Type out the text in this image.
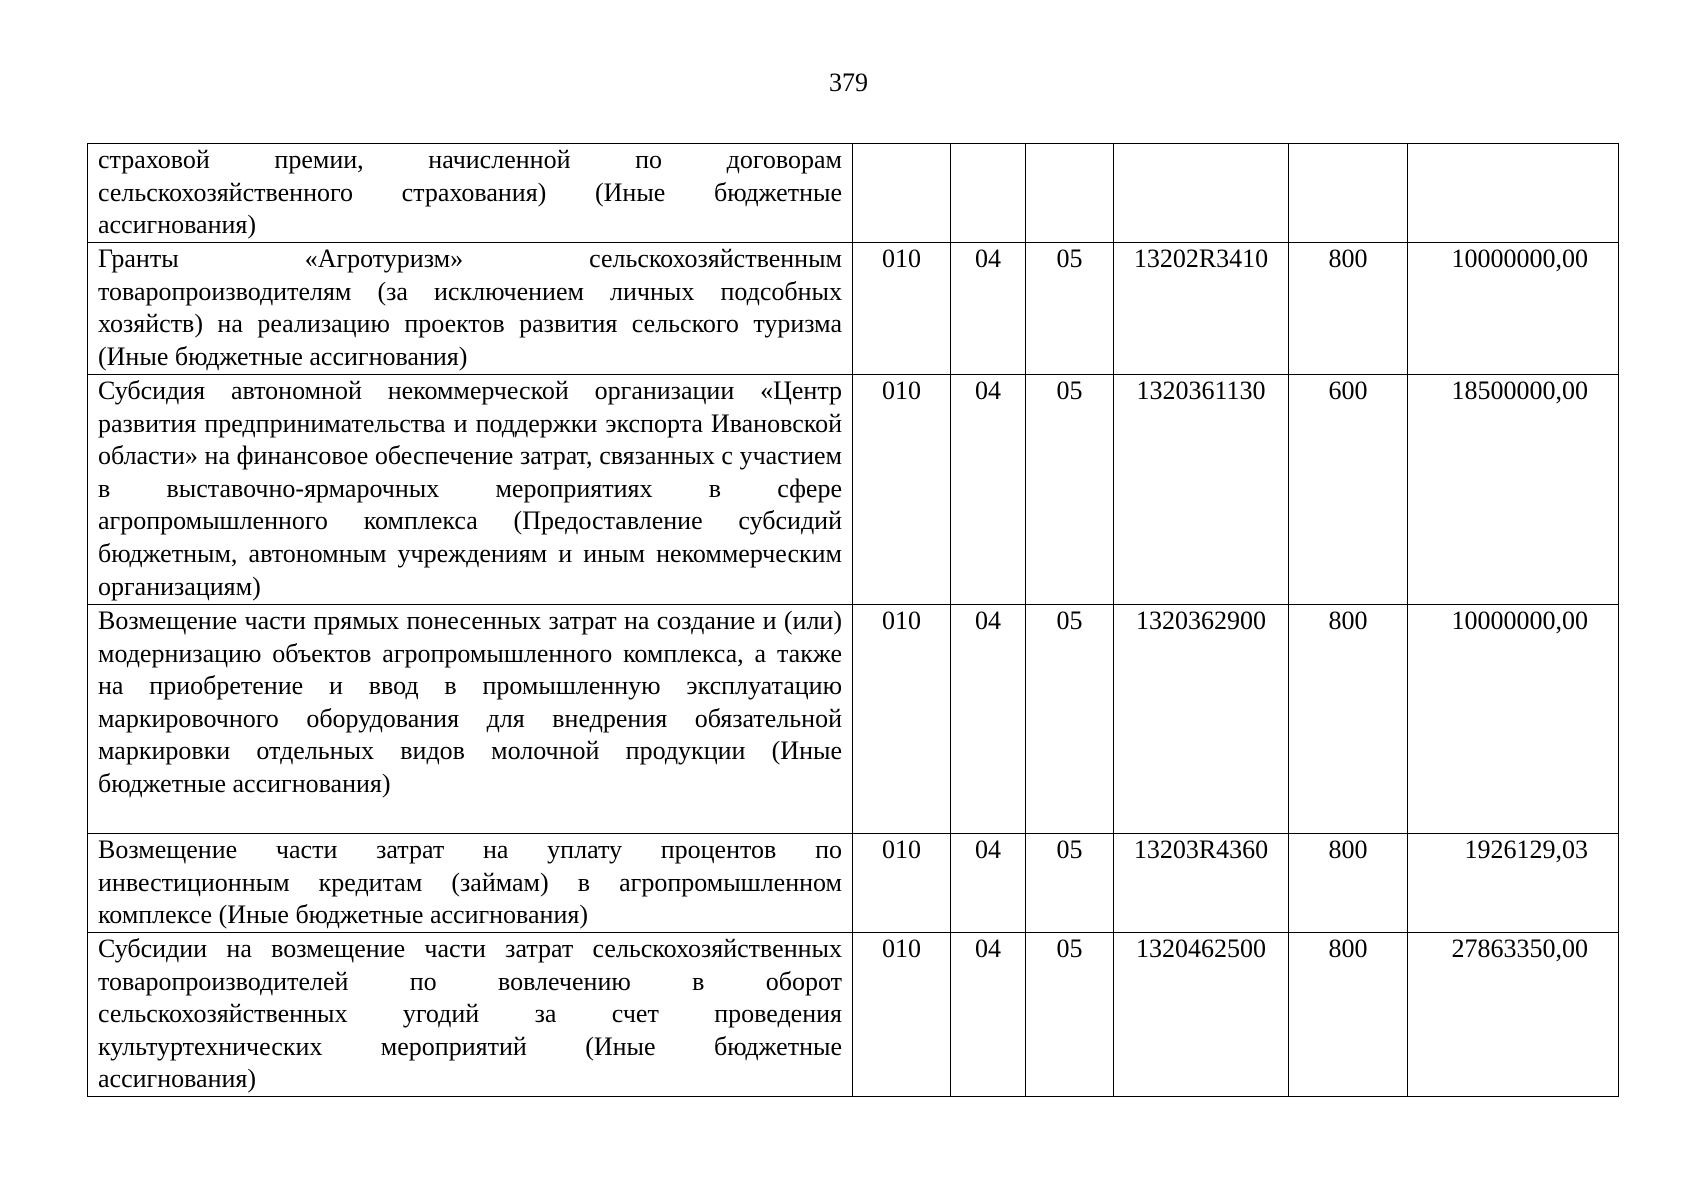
379
страховой премии, начисленной по договорам сельскохозяйственного страхования) (Иные бюджетные ассигнования)						
Гранты «Агротуризм» сельскохозяйственным товаропроизводителям (за исключением личных подсобных хозяйств) на реализацию проектов развития сельского туризма (Иные бюджетные ассигнования)	010	04	05	13202R3410	800	10000000,00
Субсидия автономной некоммерческой организации «Центр развития предпринимательства и поддержки экспорта Ивановской области» на финансовое обеспечение затрат, связанных с участием в выставочно-ярмарочных мероприятиях в сфере агропромышленного комплекса (Предоставление субсидий бюджетным, автономным учреждениям и иным некоммерческим организациям)	010	04	05	1320361130	600	18500000,00
Возмещение части прямых понесенных затрат на создание и (или) модернизацию объектов агропромышленного комплекса, а также на приобретение и ввод в промышленную эксплуатацию маркировочного оборудования для внедрения обязательной маркировки отдельных видов молочной продукции (Иные бюджетные ассигнования)	010	04	05	1320362900	800	10000000,00
Возмещение части затрат на уплату процентов по инвестиционным кредитам (займам) в агропромышленном комплексе (Иные бюджетные ассигнования)	010	04	05	13203R4360	800	1926129,03
Субсидии на возмещение части затрат сельскохозяйственных товаропроизводителей по вовлечению в оборот сельскохозяйственных угодий за счет проведения культуртехнических мероприятий (Иные бюджетные ассигнования)	010	04	05	1320462500	800	27863350,00
